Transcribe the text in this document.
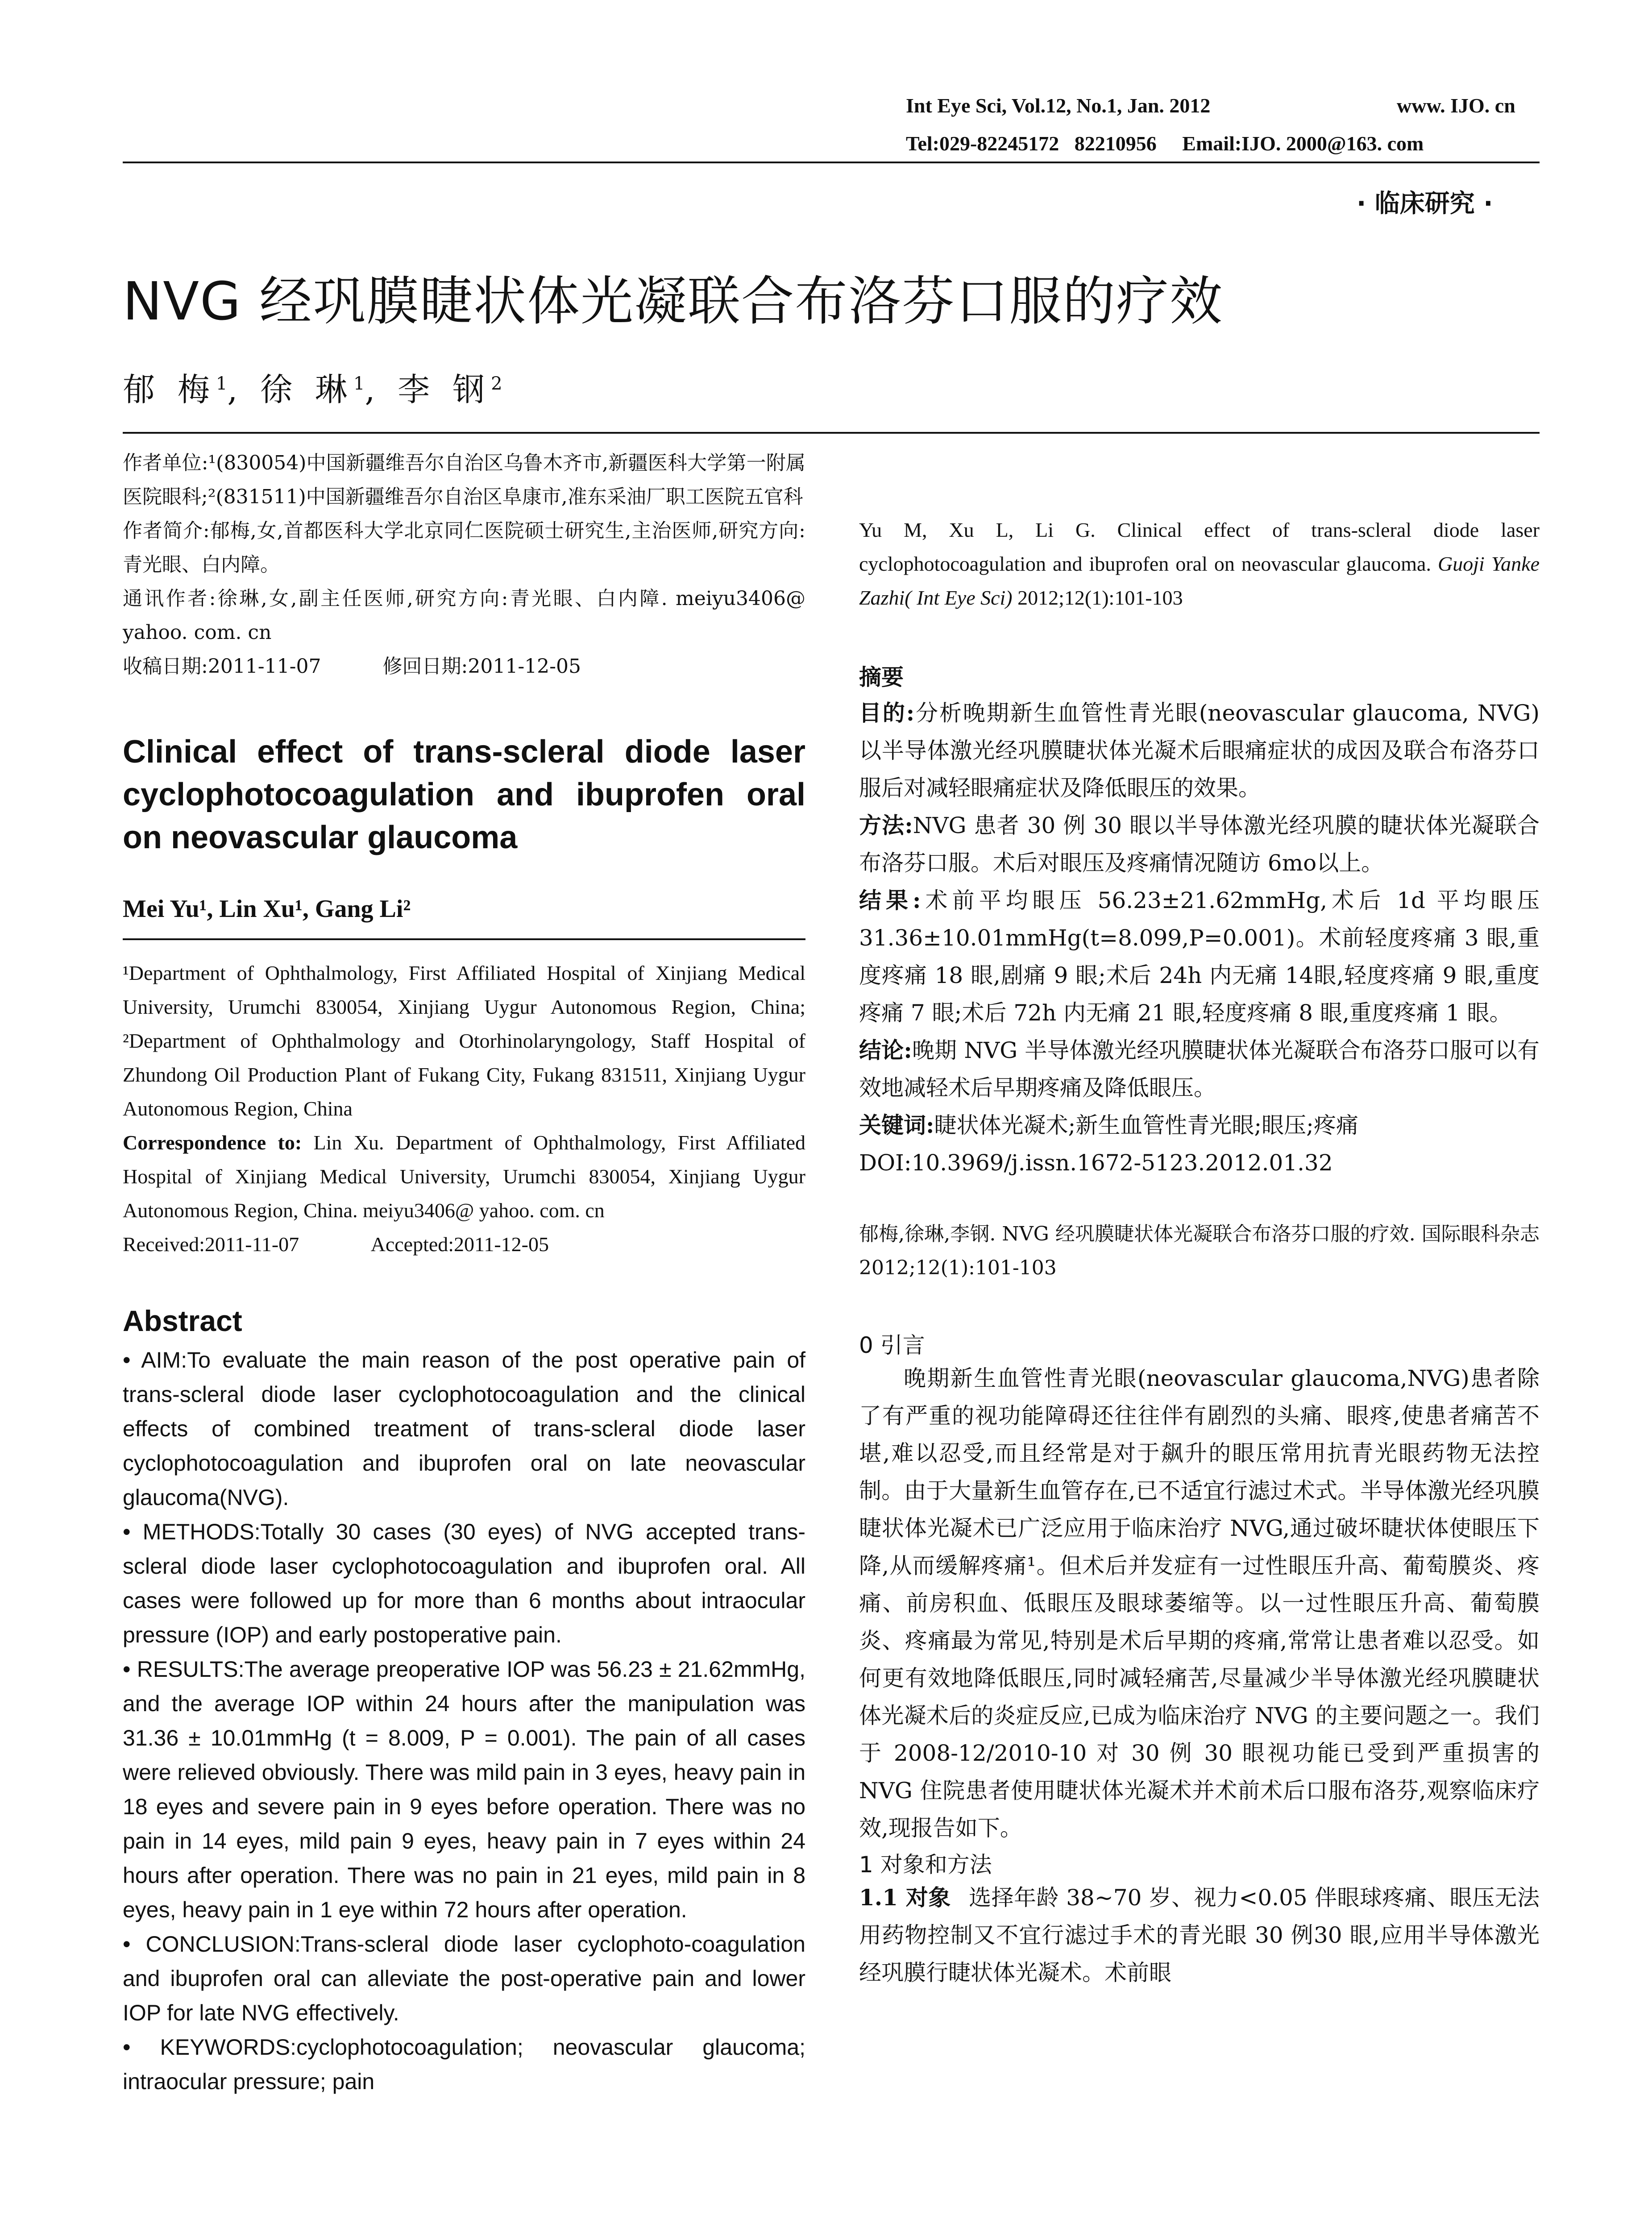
Int Eye Sci, Vol.12, No.1, Jan. 2012	www. IJO. cn
Tel:029-82245172   82210956     Email:IJO. 2000@163. com
· 临床研究 ·
NVG 经巩膜睫状体光凝联合布洛芬口服的疗效
郁 梅$^1$, 徐 琳$^1$, 李 钢$^2$

作者单位:¹(830054)中国新疆维吾尔自治区乌鲁木齐市,新疆医科大学第一附属医院眼科;²(831511)中国新疆维吾尔自治区阜康市,准东采油厂职工医院五官科

作者简介:郁梅,女,首都医科大学北京同仁医院硕士研究生,主治医师,研究方向:青光眼、白内障。

通讯作者:徐琳,女,副主任医师,研究方向:青光眼、白内障. meiyu3406@ yahoo. com. cn

收稿日期:2011-11-07	修回日期:2011-12-05

Clinical effect of trans-scleral diode laser cyclophotocoagulation and ibuprofen oral on neovascular glaucoma

Mei Yu¹, Lin Xu¹, Gang Li²

¹Department of Ophthalmology, First Affiliated Hospital of Xinjiang Medical University, Urumchi 830054, Xinjiang Uygur Autonomous Region, China; ²Department of Ophthalmology and Otorhinolaryngology, Staff Hospital of Zhundong Oil Production Plant of Fukang City, Fukang 831511, Xinjiang Uygur Autonomous Region, China

Correspondence to: Lin Xu. Department of Ophthalmology, First Affiliated Hospital of Xinjiang Medical University, Urumchi 830054, Xinjiang Uygur Autonomous Region, China. meiyu3406@ yahoo. com. cn

Received:2011-11-07	Accepted:2011-12-05

Abstract

• AIM:To evaluate the main reason of the post operative pain of trans-scleral diode laser cyclophotocoagulation and the clinical effects of combined treatment of trans-scleral diode laser cyclophotocoagulation and ibuprofen oral on late neovascular glaucoma(NVG).

• METHODS:Totally 30 cases (30 eyes) of NVG accepted trans-scleral diode laser cyclophotocoagulation and ibuprofen oral. All cases were followed up for more than 6 months about intraocular pressure (IOP) and early postoperative pain.

• RESULTS:The average preoperative IOP was 56.23 ± 21.62mmHg, and the average IOP within 24 hours after the manipulation was 31.36 ± 10.01mmHg (t = 8.009, P = 0.001). The pain of all cases were relieved obviously. There was mild pain in 3 eyes, heavy pain in 18 eyes and severe pain in 9 eyes before operation. There was no pain in 14 eyes, mild pain 9 eyes, heavy pain in 7 eyes within 24 hours after operation. There was no pain in 21 eyes, mild pain in 8 eyes, heavy pain in 1 eye within 72 hours after operation.

• CONCLUSION:Trans-scleral diode laser cyclophoto-coagulation and ibuprofen oral can alleviate the post-operative pain and lower IOP for late NVG effectively.

• KEYWORDS:cyclophotocoagulation; neovascular glaucoma; intraocular pressure; pain

Yu M, Xu L, Li G. Clinical effect of trans-scleral diode laser cyclophotocoagulation and ibuprofen oral on neovascular glaucoma. Guoji Yanke Zazhi( Int Eye Sci) 2012;12(1):101-103

摘要

目的:分析晚期新生血管性青光眼(neovascular glaucoma, NVG)以半导体激光经巩膜睫状体光凝术后眼痛症状的成因及联合布洛芬口服后对减轻眼痛症状及降低眼压的效果。

方法:NVG 患者 30 例 30 眼以半导体激光经巩膜的睫状体光凝联合布洛芬口服。术后对眼压及疼痛情况随访 6mo以上。

结果:术前平均眼压 56.23±21.62mmHg,术后 1d 平均眼压 31.36±10.01mmHg(t=8.099,P=0.001)。术前轻度疼痛 3 眼,重度疼痛 18 眼,剧痛 9 眼;术后 24h 内无痛 14眼,轻度疼痛 9 眼,重度疼痛 7 眼;术后 72h 内无痛 21 眼,轻度疼痛 8 眼,重度疼痛 1 眼。

结论:晚期 NVG 半导体激光经巩膜睫状体光凝联合布洛芬口服可以有效地减轻术后早期疼痛及降低眼压。

关键词:睫状体光凝术;新生血管性青光眼;眼压;疼痛

DOI:10.3969/j.issn.1672-5123.2012.01.32

郁梅,徐琳,李钢. NVG 经巩膜睫状体光凝联合布洛芬口服的疗效. 国际眼科杂志 2012;12(1):101-103

0 引言

晚期新生血管性青光眼(neovascular glaucoma,NVG)患者除了有严重的视功能障碍还往往伴有剧烈的头痛、眼疼,使患者痛苦不堪,难以忍受,而且经常是对于飙升的眼压常用抗青光眼药物无法控制。由于大量新生血管存在,已不适宜行滤过术式。半导体激光经巩膜睫状体光凝术已广泛应用于临床治疗 NVG,通过破坏睫状体使眼压下降,从而缓解疼痛¹。但术后并发症有一过性眼压升高、葡萄膜炎、疼痛、前房积血、低眼压及眼球萎缩等。以一过性眼压升高、葡萄膜炎、疼痛最为常见,特别是术后早期的疼痛,常常让患者难以忍受。如何更有效地降低眼压,同时减轻痛苦,尽量减少半导体激光经巩膜睫状体光凝术后的炎症反应,已成为临床治疗 NVG 的主要问题之一。我们于 2008-12/2010-10 对 30 例 30 眼视功能已受到严重损害的 NVG 住院患者使用睫状体光凝术并术前术后口服布洛芬,观察临床疗效,现报告如下。

1 对象和方法

1.1 对象 选择年龄 38~70 岁、视力<0.05 伴眼球疼痛、眼压无法用药物控制又不宜行滤过手术的青光眼 30 例30 眼,应用半导体激光经巩膜行睫状体光凝术。术前眼
